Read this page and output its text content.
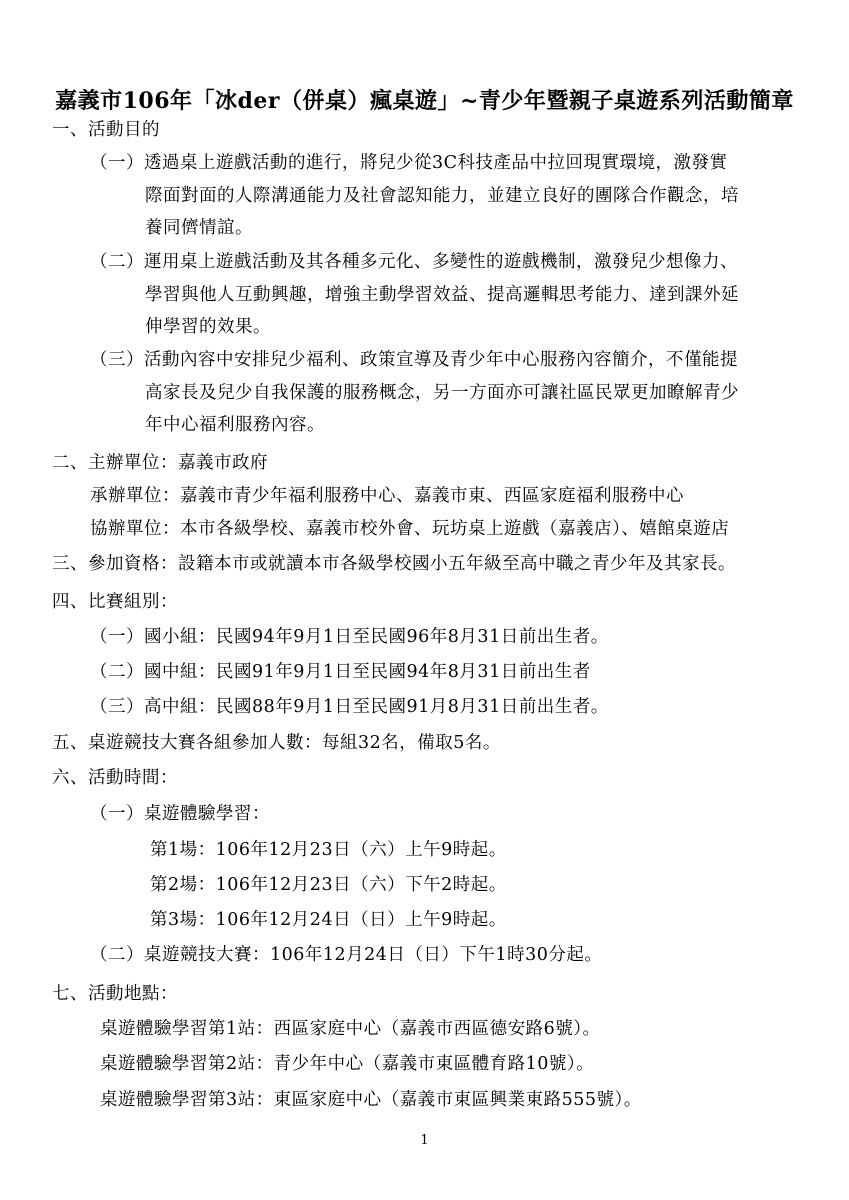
嘉義市106年「冰der（併桌）瘋桌遊」~青少年暨親子桌遊系列活動簡章
一、活動目的
（一）透過桌上遊戲活動的進行，將兒少從3C科技產品中拉回現實環境，激發實
際面對面的人際溝通能力及社會認知能力，並建立良好的團隊合作觀念，培
養同儕情誼。
（二）運用桌上遊戲活動及其各種多元化、多變性的遊戲機制，激發兒少想像力、
學習與他人互動興趣，增強主動學習效益、提高邏輯思考能力、達到課外延
伸學習的效果。
（三）活動內容中安排兒少福利、政策宣導及青少年中心服務內容簡介，不僅能提
高家長及兒少自我保護的服務概念，另一方面亦可讓社區民眾更加瞭解青少
年中心福利服務內容。
二、主辦單位：嘉義市政府
承辦單位：嘉義市青少年福利服務中心、嘉義市東、西區家庭福利服務中心
協辦單位：本市各級學校、嘉義市校外會、玩坊桌上遊戲（嘉義店）、嬉館桌遊店
三、參加資格：設籍本市或就讀本市各級學校國小五年級至高中職之青少年及其家長。
四、比賽組別：
（一）國小組：民國94年9月1日至民國96年8月31日前出生者。
（二）國中組：民國91年9月1日至民國94年8月31日前出生者
（三）高中組：民國88年9月1日至民國91月8月31日前出生者。
五、桌遊競技大賽各組參加人數：每組32名，備取5名。
六、活動時間：
（一）桌遊體驗學習：
第1場：106年12月23日（六）上午9時起。
第2場：106年12月23日（六）下午2時起。
第3場：106年12月24日（日）上午9時起。
（二）桌遊競技大賽：106年12月24日（日）下午1時30分起。
七、活動地點：
桌遊體驗學習第1站：西區家庭中心（嘉義市西區德安路6號）。
桌遊體驗學習第2站：青少年中心（嘉義市東區體育路10號）。
桌遊體驗學習第3站：東區家庭中心（嘉義市東區興業東路555號）。
1
